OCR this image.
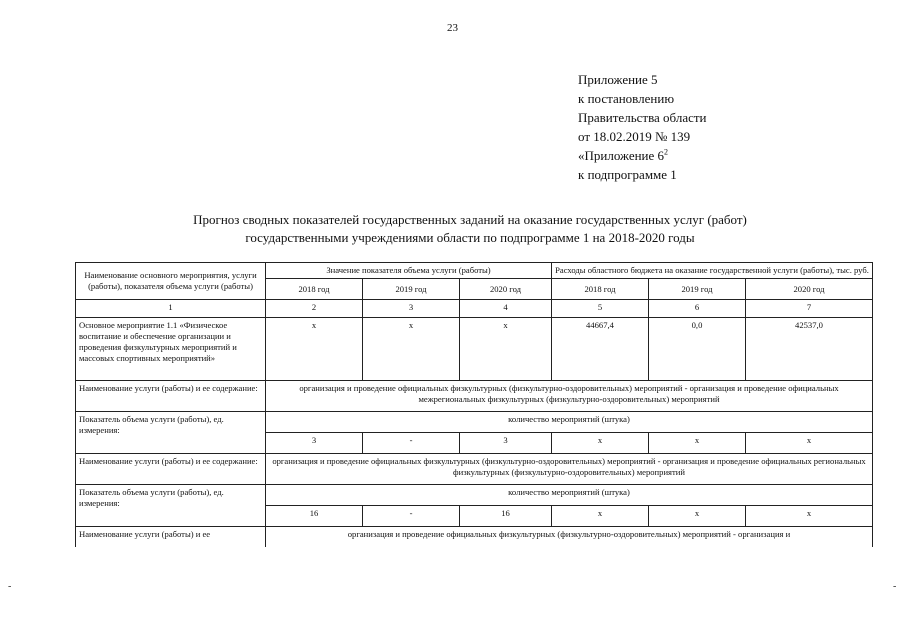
23
Приложение 5
к постановлению
Правительства области
от 18.02.2019 № 139
«Приложение $6^2$
к подпрограмме 1
Прогноз сводных показателей государственных заданий на оказание государственных услуг (работ)
государственными учреждениями области по подпрограмме 1 на 2018-2020 годы
Наименование основного мероприятия, услуги (работы), показателя объема услуги (работы)	Значение показателя объема услуги (работы)			Расходы областного бюджета на оказание государственной услуги (работы), тыс. руб.		
	2018 год	2019 год	2020 год	2018 год	2019 год	2020 год
1	2	3	4	5	6	7
Основное мероприятие 1.1 «Физическое воспитание и обеспечение организации и проведения физкультурных мероприятий и массовых спортивных мероприятий»	х	х	х	44667,4	0,0	42537,0
Наименование услуги (работы) и ее содержание:	организация и проведение официальных физкультурных (физкультурно-оздоровительных) мероприятий - организация и проведение официальных межрегиональных физкультурных (физкультурно-оздоровительных) мероприятий					
Показатель объема услуги (работы), ед. измерения:	количество мероприятий (штука)					
	3	-	3	х	х	х
Наименование услуги (работы) и ее содержание:	организация и проведение официальных физкультурных (физкультурно-оздоровительных) мероприятий - организация и проведение официальных региональных физкультурных (физкультурно-оздоровительных) мероприятий					
Показатель объема услуги (работы), ед. измерения:	количество мероприятий (штука)					
	16	-	16	х	х	х
Наименование услуги (работы) и ее	организация и проведение официальных физкультурных (физкультурно-оздоровительных) мероприятий - организация и					
-	-
